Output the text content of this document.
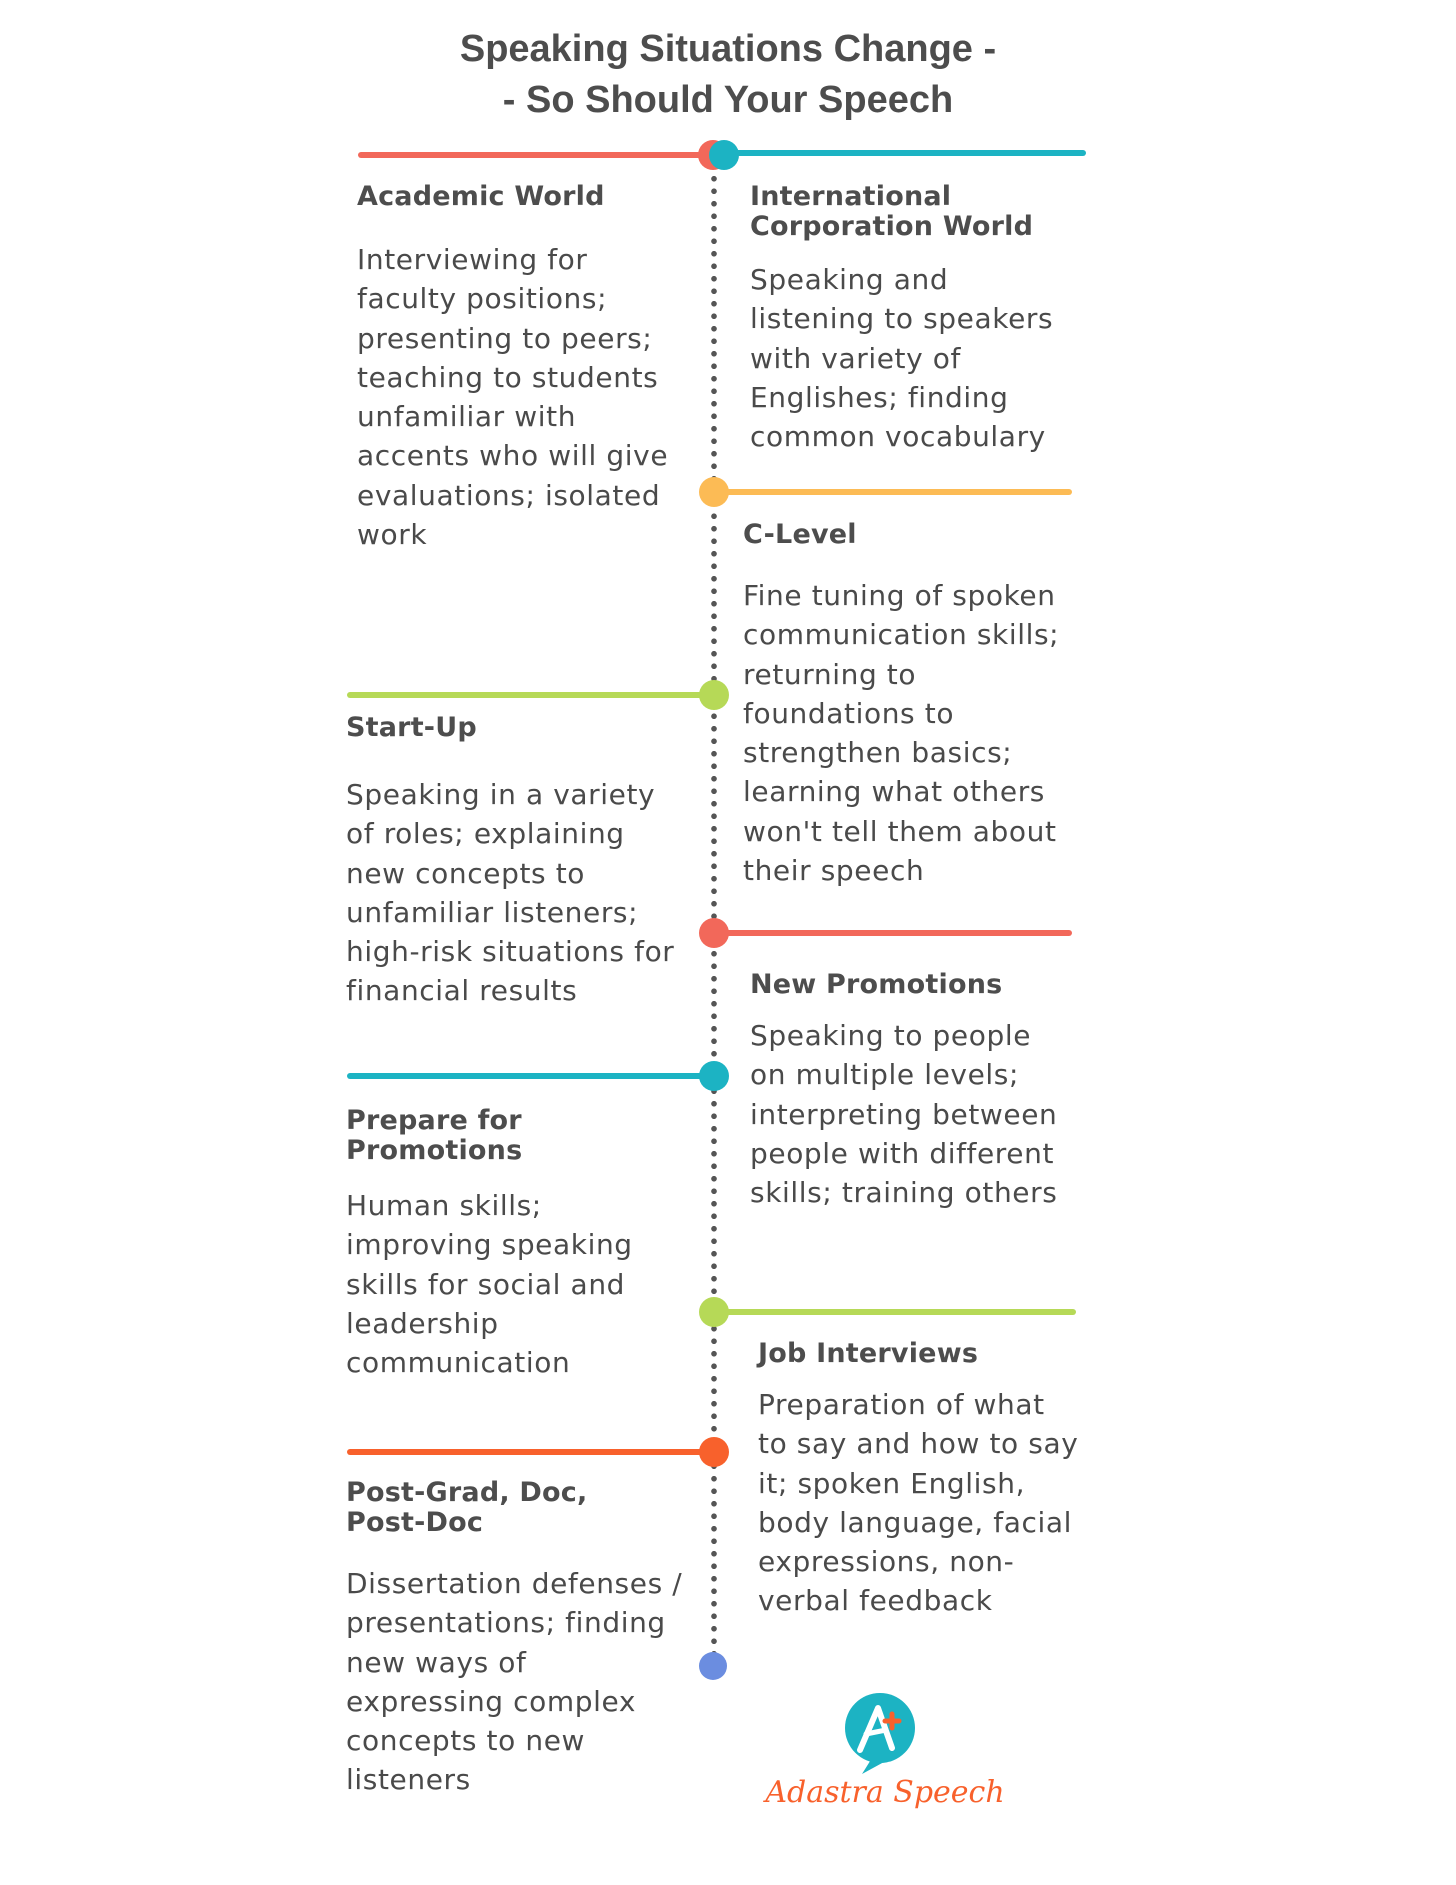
Speaking Situations Change -
- So Should Your Speech
Academic World

Interviewing for
faculty positions;
presenting to peers;
teaching to students
unfamiliar with
accents who will give
evaluations; isolated
work

Start-Up

Speaking in a variety
of roles; explaining
new concepts to
unfamiliar listeners;
high-risk situations for
financial results

Prepare for
Promotions

Human skills;
improving speaking
skills for social and
leadership
communication

Post-Grad, Doc,
Post-Doc

Dissertation defenses /
presentations; finding
new ways of
expressing complex
concepts to new
listeners

International
Corporation World

Speaking and
listening to speakers
with variety of
Englishes; finding
common vocabulary

C-Level

Fine tuning of spoken
communication skills;
returning to
foundations to
strengthen basics;
learning what others
won't tell them about
their speech

New Promotions

Speaking to people
on multiple levels;
interpreting between
people with different
skills; training others

Job Interviews

Preparation of what
to say and how to say
it; spoken English,
body language, facial
expressions, non-
verbal feedback

Adastra Speech
